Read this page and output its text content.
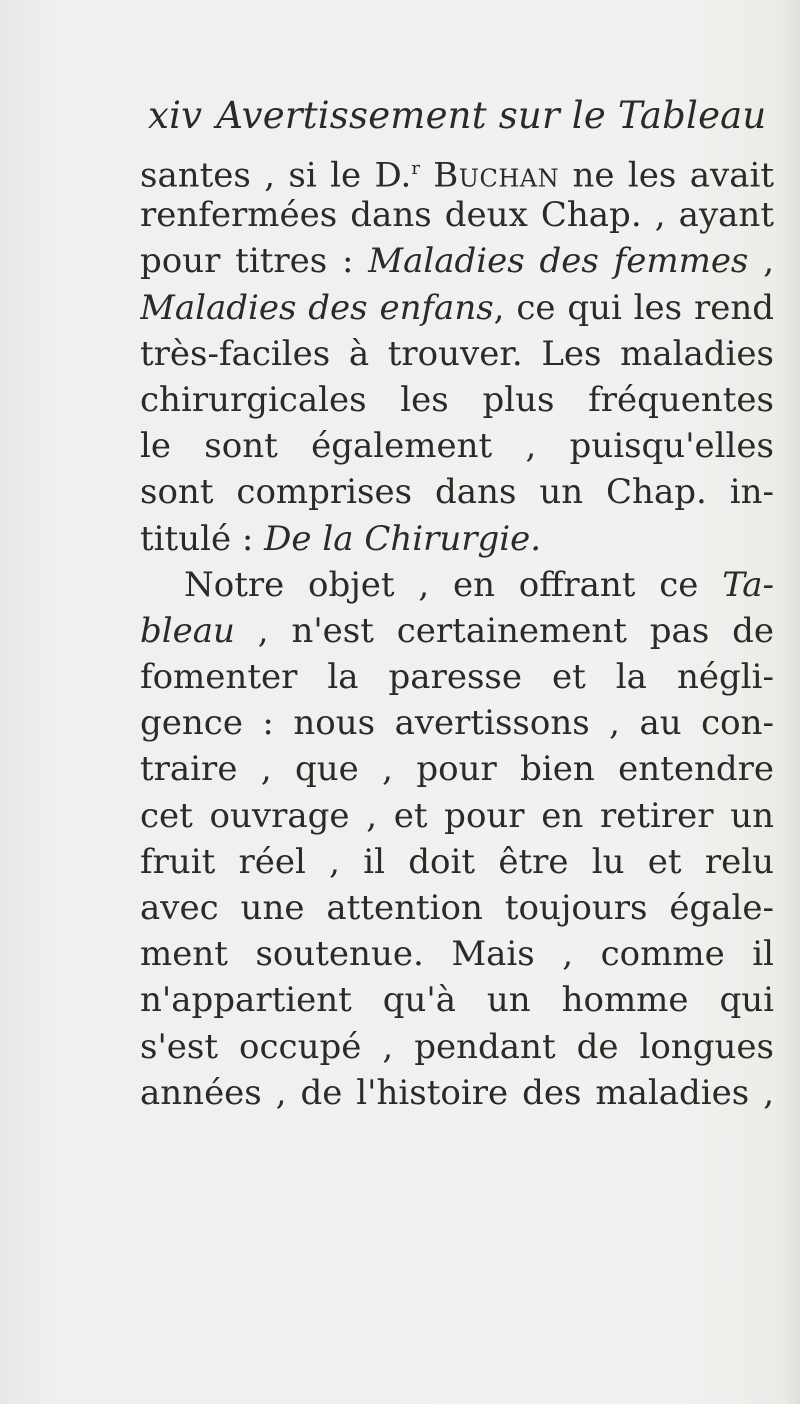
xiv Avertissement sur le Tableau
santes , si le D.$^r$ Buchan ne les avait
renfermées dans deux Chap. , ayant
pour titres : Maladies des femmes ,
Maladies des enfans, ce qui les rend
très-faciles à trouver. Les maladies
chirurgicales les plus fréquentes
le sont également , puisqu'elles
sont comprises dans un Chap. in-
titulé : De la Chirurgie.
Notre objet , en offrant ce Ta-
bleau , n'est certainement pas de
fomenter la paresse et la négli-
gence : nous avertissons , au con-
traire , que , pour bien entendre
cet ouvrage , et pour en retirer un
fruit réel , il doit être lu et relu
avec une attention toujours égale-
ment soutenue. Mais , comme il
n'appartient qu'à un homme qui
s'est occupé , pendant de longues
années , de l'histoire des maladies ,
